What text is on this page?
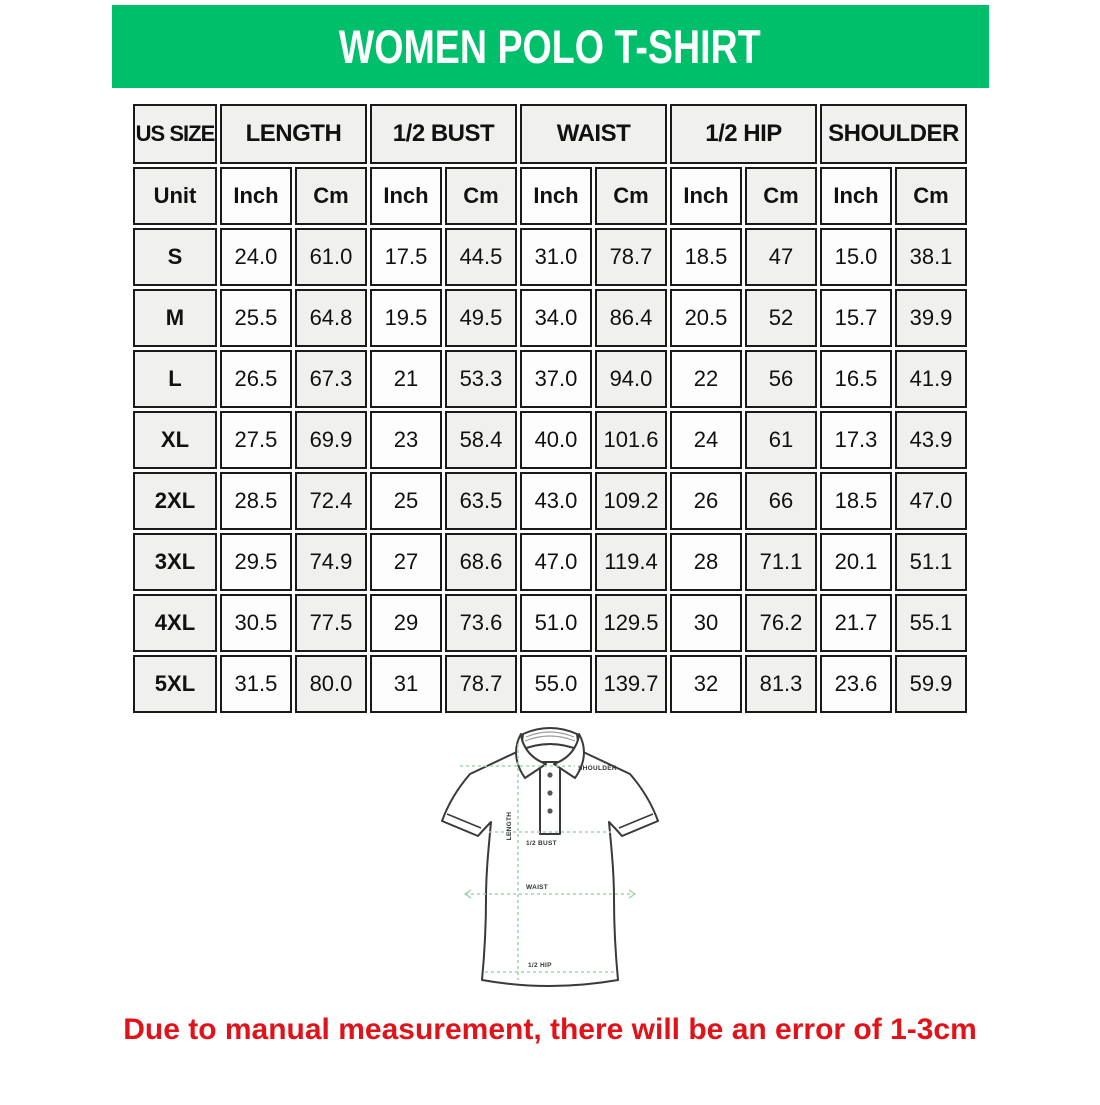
WOMEN POLO T-SHIRT
US SIZE	LENGTH		1/2 BUST		WAIST		1/2 HIP		SHOULDER	
Unit	Inch	Cm	Inch	Cm	Inch	Cm	Inch	Cm	Inch	Cm
S	24.0	61.0	17.5	44.5	31.0	78.7	18.5	47	15.0	38.1
M	25.5	64.8	19.5	49.5	34.0	86.4	20.5	52	15.7	39.9
L	26.5	67.3	21	53.3	37.0	94.0	22	56	16.5	41.9
XL	27.5	69.9	23	58.4	40.0	101.6	24	61	17.3	43.9
2XL	28.5	72.4	25	63.5	43.0	109.2	26	66	18.5	47.0
3XL	29.5	74.9	27	68.6	47.0	119.4	28	71.1	20.1	51.1
4XL	30.5	77.5	29	73.6	51.0	129.5	30	76.2	21.7	55.1
5XL	31.5	80.0	31	78.7	55.0	139.7	32	81.3	23.6	59.9
SHOULDER
LENGTH
1/2 BUST
WAIST
1/2 HIP

Due to manual measurement, there will be an error of 1-3cm
